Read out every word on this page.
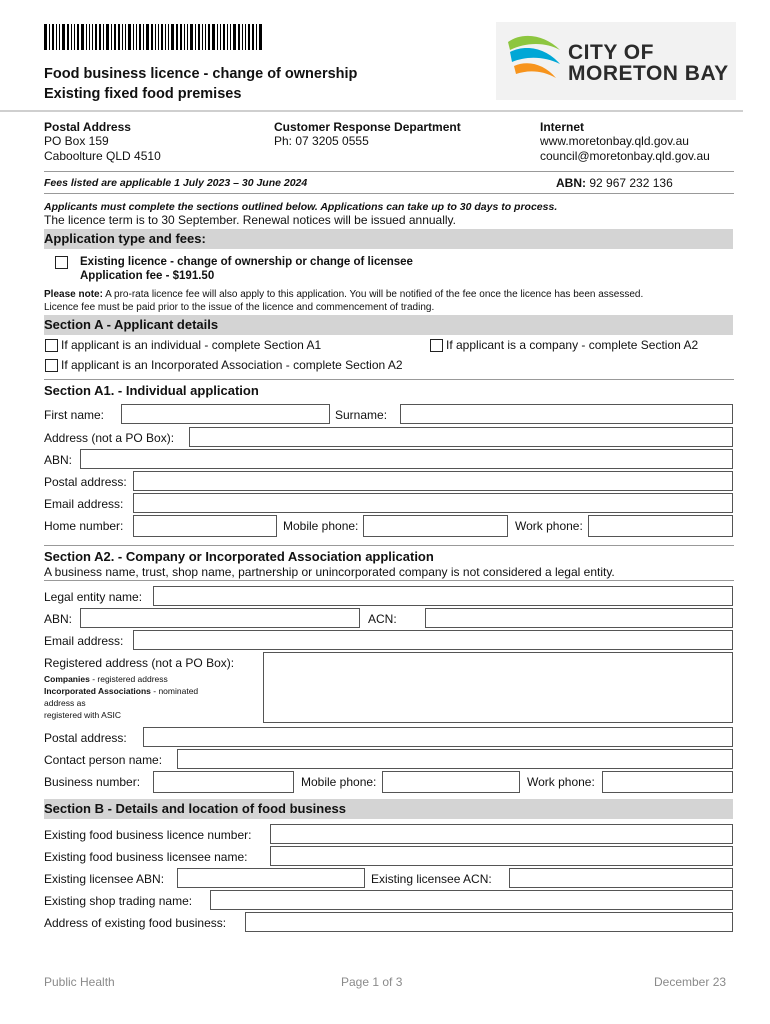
CITY OF
MORETON BAY
Food business licence - change of ownership
Existing fixed food premises
Postal Address
PO Box 159
Caboolture QLD 4510
Customer Response Department
Ph: 07 3205 0555
Internet
www.moretonbay.qld.gov.au
council@moretonbay.qld.gov.au
Fees listed are applicable 1 July 2023 – 30 June 2024	ABN: 92 967 232 136
Applicants must complete the sections outlined below. Applications can take up to 30 days to process.
The licence term is to 30 September. Renewal notices will be issued annually.
Application type and fees:
Existing licence - change of ownership or change of licensee
Application fee - $191.50
Please note: A pro-rata licence fee will also apply to this application. You will be notified of the fee once the licence has been assessed.
Licence fee must be paid prior to the issue of the licence and commencement of trading.
Section A - Applicant details
If applicant is an individual - complete Section A1	If applicant is a company - complete Section A2
If applicant is an Incorporated Association - complete Section A2
Section A1. - Individual application
First name:	Surname:
Address (not a PO Box):
ABN:
Postal address:
Email address:
Home number:	Mobile phone:	Work phone:
Section A2. - Company or Incorporated Association application
A business name, trust, shop name, partnership or unincorporated company is not considered a legal entity.
Legal entity name:
ABN:	ACN:
Email address:
Registered address (not a PO Box):
Companies - registered address
Incorporated Associations - nominated
address as
registered with ASIC
Postal address:
Contact person name:
Business number:	Mobile phone:	Work phone:
Section B - Details and location of food business
Existing food business licence number:
Existing food business licensee name:
Existing licensee ABN:	Existing licensee ACN:
Existing shop trading name:
Address of existing food business:
Public Health	Page 1 of 3	December 23
